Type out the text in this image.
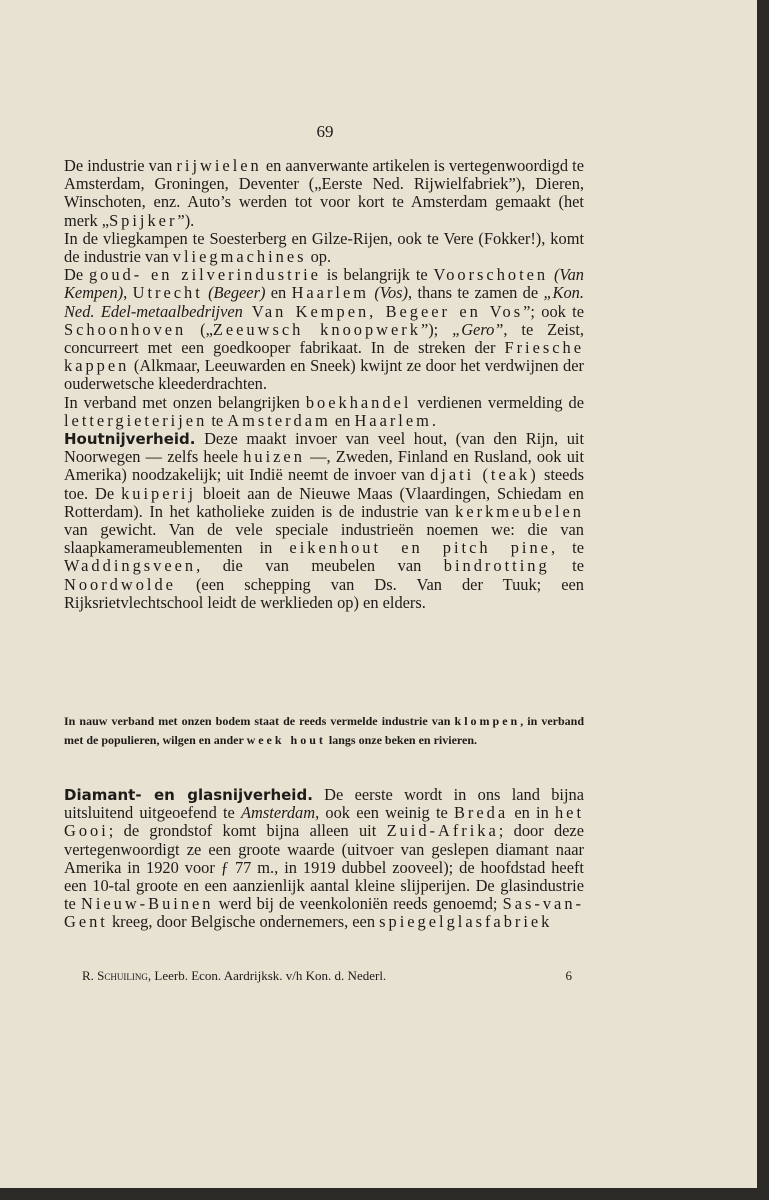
69

De industrie van rijwielen en aanverwante artikelen is vertegenwoordigd te Amsterdam, Groningen, Deventer („Eerste Ned. Rijwielfabriek”), Dieren, Winschoten, enz. Auto’s werden tot voor kort te Amsterdam gemaakt (het merk „Spijker”).

In de vliegkampen te Soesterberg en Gilze-Rijen, ook te Vere (Fokker!), komt de industrie van vliegmachines op.

De goud- en zilverindustrie is belangrijk te Voorschoten (Van Kempen), Utrecht (Begeer) en Haarlem (Vos), thans te zamen de „Kon. Ned. Edel-metaalbedrijven Van Kempen, Begeer en Vos”; ook te Schoonhoven („Zeeuwsch knoopwerk”); „Gero”, te Zeist, concurreert met een goedkooper fabrikaat. In de streken der Friesche kappen (Alkmaar, Leeuwarden en Sneek) kwijnt ze door het verdwijnen der ouderwetsche kleederdrachten.

In verband met onzen belangrijken boekhandel verdienen vermelding de lettergieterijen te Amsterdam en Haarlem.

Houtnijverheid. Deze maakt invoer van veel hout, (van den Rijn, uit Noorwegen — zelfs heele huizen —, Zweden, Finland en Rusland, ook uit Amerika) noodzakelijk; uit Indië neemt de invoer van djati (teak) steeds toe. De kuiperij bloeit aan de Nieuwe Maas (Vlaardingen, Schiedam en Rotterdam). In het katholieke zuiden is de industrie van kerkmeubelen van gewicht. Van de vele speciale industrieën noemen we: die van slaapkamerameublementen in eikenhout en pitch pine, te Waddingsveen, die van meubelen van bindrotting te Noordwolde (een schepping van Ds. Van der Tuuk; een Rijksrietvlechtschool leidt de werklieden op) en elders.

In nauw verband met onzen bodem staat de reeds vermelde industrie van klompen, in verband met de populieren, wilgen en ander week hout langs onze beken en rivieren.

Diamant- en glasnijverheid. De eerste wordt in ons land bijna uitsluitend uitgeoefend te Amsterdam, ook een weinig te Breda en in het Gooi; de grondstof komt bijna alleen uit Zuid-Afrika; door deze vertegenwoordigt ze een groote waarde (uitvoer van geslepen diamant naar Amerika in 1920 voor ƒ 77 m., in 1919 dubbel zooveel); de hoofdstad heeft een 10-tal groote en een aanzienlijk aantal kleine slijperijen. De glasindustrie te Nieuw-Buinen werd bij de veenkoloniën reeds genoemd; Sas-van-Gent kreeg, door Belgische ondernemers, een spiegelglasfabriek

R. Schuiling, Leerb. Econ. Aardrijksk. v/h Kon. d. Nederl.	6
